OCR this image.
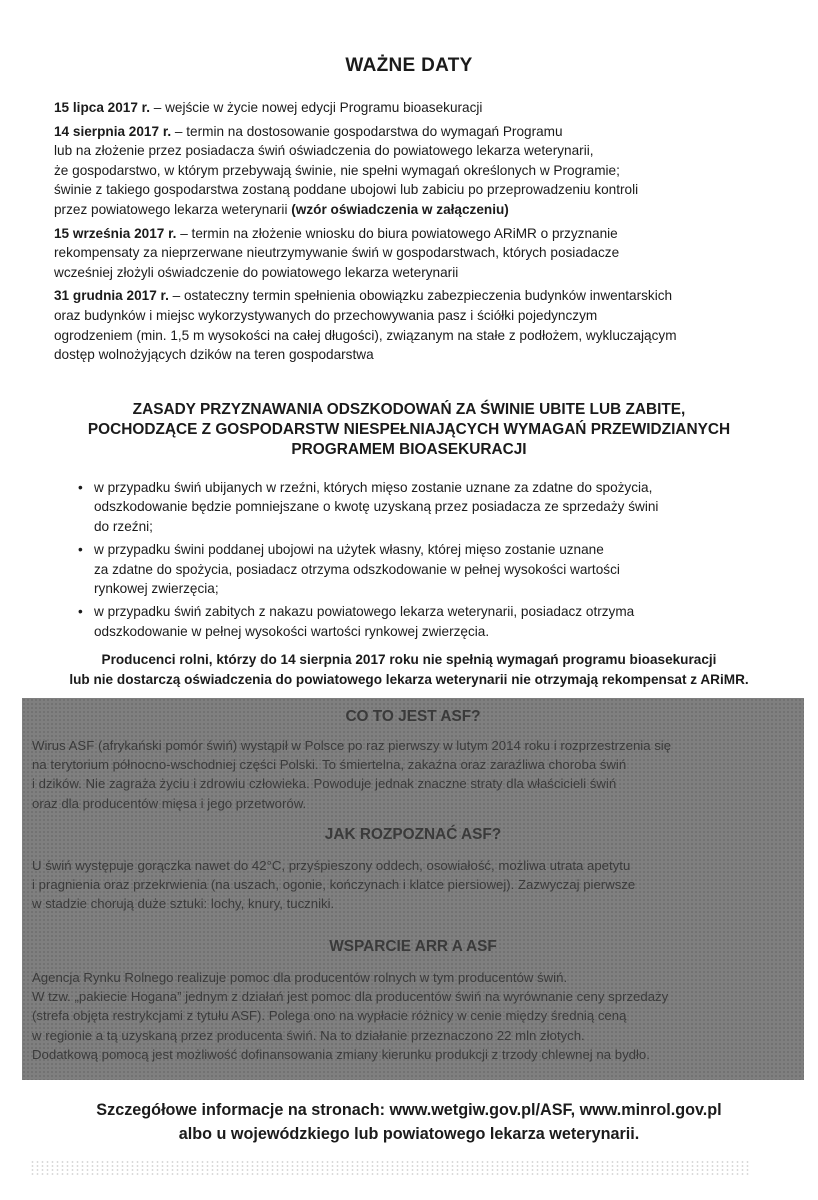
WAŻNE DATY
15 lipca 2017 r. – wejście w życie nowej edycji Programu bioasekuracji
14 sierpnia 2017 r. – termin na dostosowanie gospodarstwa do wymagań Programu
lub na złożenie przez posiadacza świń oświadczenia do powiatowego lekarza weterynarii,
że gospodarstwo, w którym przebywają świnie, nie spełni wymagań określonych w Programie;
świnie z takiego gospodarstwa zostaną poddane ubojowi lub zabiciu po przeprowadzeniu kontroli
przez powiatowego lekarza weterynarii (wzór oświadczenia w załączeniu)
15 września 2017 r. – termin na złożenie wniosku do biura powiatowego ARiMR o przyznanie
rekompensaty za nieprzerwane nieutrzymywanie świń w gospodarstwach, których posiadacze
wcześniej złożyli oświadczenie do powiatowego lekarza weterynarii
31 grudnia 2017 r. – ostateczny termin spełnienia obowiązku zabezpieczenia budynków inwentarskich
oraz budynków i miejsc wykorzystywanych do przechowywania pasz i ściółki pojedynczym
ogrodzeniem (min. 1,5 m wysokości na całej długości), związanym na stałe z podłożem, wykluczającym
dostęp wolnożyjących dzików na teren gospodarstwa
ZASADY PRZYZNAWANIA ODSZKODOWAŃ ZA ŚWINIE UBITE LUB ZABITE,
POCHODZĄCE Z GOSPODARSTW NIESPEŁNIAJĄCYCH WYMAGAŃ PRZEWIDZIANYCH
PROGRAMEM BIOASEKURACJI
• w przypadku świń ubijanych w rzeźni, których mięso zostanie uznane za zdatne do spożycia,
odszkodowanie będzie pomniejszane o kwotę uzyskaną przez posiadacza ze sprzedaży świni
do rzeźni;
• w przypadku świni poddanej ubojowi na użytek własny, której mięso zostanie uznane
za zdatne do spożycia, posiadacz otrzyma odszkodowanie w pełnej wysokości wartości
rynkowej zwierzęcia;
• w przypadku świń zabitych z nakazu powiatowego lekarza weterynarii, posiadacz otrzyma
odszkodowanie w pełnej wysokości wartości rynkowej zwierzęcia.
Producenci rolni, którzy do 14 sierpnia 2017 roku nie spełnią wymagań programu bioasekuracji
lub nie dostarczą oświadczenia do powiatowego lekarza weterynarii nie otrzymają rekompensat z ARiMR.
CO TO JEST ASF?
Wirus ASF (afrykański pomór świń) wystąpił w Polsce po raz pierwszy w lutym 2014 roku i rozprzestrzenia się
na terytorium północno-wschodniej części Polski. To śmiertelna, zakaźna oraz zaraźliwa choroba świń
i dzików. Nie zagraża życiu i zdrowiu człowieka. Powoduje jednak znaczne straty dla właścicieli świń
oraz dla producentów mięsa i jego przetworów.
JAK ROZPOZNAĆ ASF?
U świń występuje gorączka nawet do 42°C, przyśpieszony oddech, osowiałość, możliwa utrata apetytu
i pragnienia oraz przekrwienia (na uszach, ogonie, kończynach i klatce piersiowej). Zazwyczaj pierwsze
w stadzie chorują duże sztuki: lochy, knury, tuczniki.
WSPARCIE ARR A ASF
Agencja Rynku Rolnego realizuje pomoc dla producentów rolnych w tym producentów świń.
W tzw. „pakiecie Hogana” jednym z działań jest pomoc dla producentów świń na wyrównanie ceny sprzedaży
(strefa objęta restrykcjami z tytułu ASF). Polega ono na wypłacie różnicy w cenie między średnią ceną
w regionie a tą uzyskaną przez producenta świń. Na to działanie przeznaczono 22 mln złotych.
Dodatkową pomocą jest możliwość dofinansowania zmiany kierunku produkcji z trzody chlewnej na bydło.
Szczegółowe informacje na stronach: www.wetgiw.gov.pl/ASF, www.minrol.gov.pl
albo u wojewódzkiego lub powiatowego lekarza weterynarii.
